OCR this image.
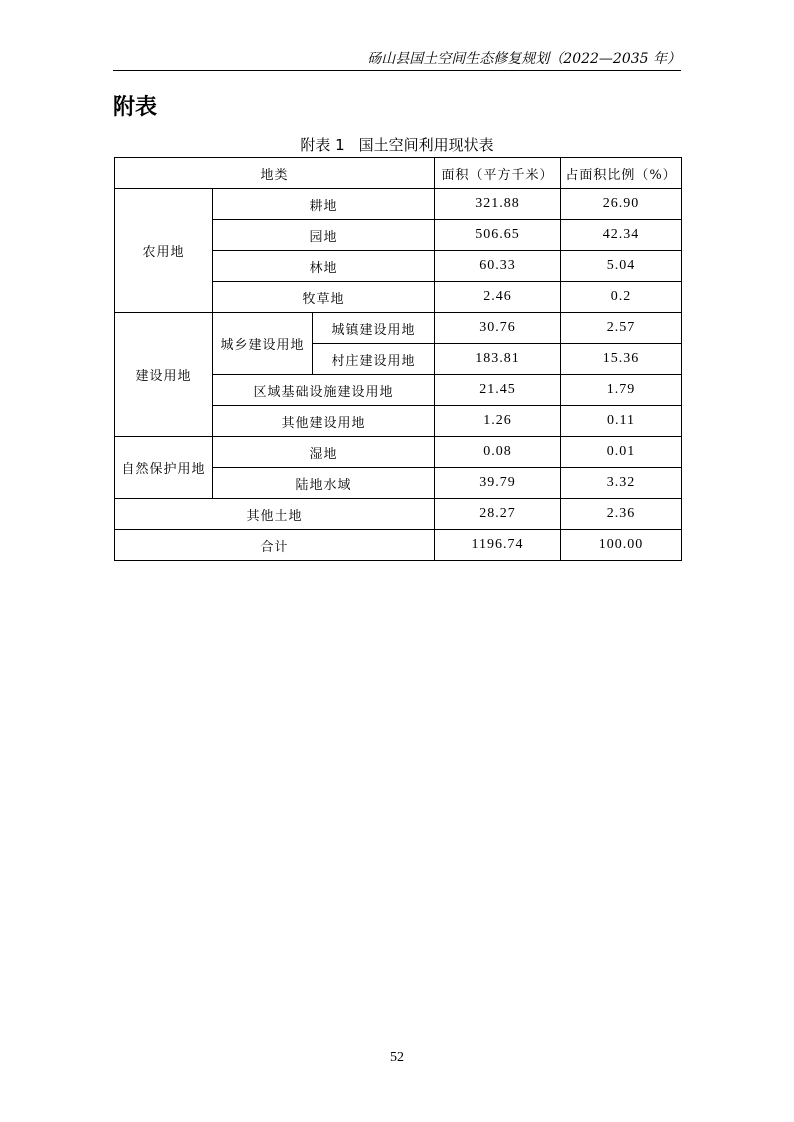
砀山县国土空间生态修复规划（2022—2035 年）
附表
附表 1 国土空间利用现状表
地类			面积（平方千米）	占面积比例（%）
农用地	耕地		321.88	26.90
	园地		506.65	42.34
	林地		60.33	5.04
	牧草地		2.46	0.2
建设用地	城乡建设用地	城镇建设用地	30.76	2.57
		村庄建设用地	183.81	15.36
	区域基础设施建设用地		21.45	1.79
	其他建设用地		1.26	0.11
自然保护用地	湿地		0.08	0.01
	陆地水域		39.79	3.32
其他土地			28.27	2.36
合计			1196.74	100.00
52
